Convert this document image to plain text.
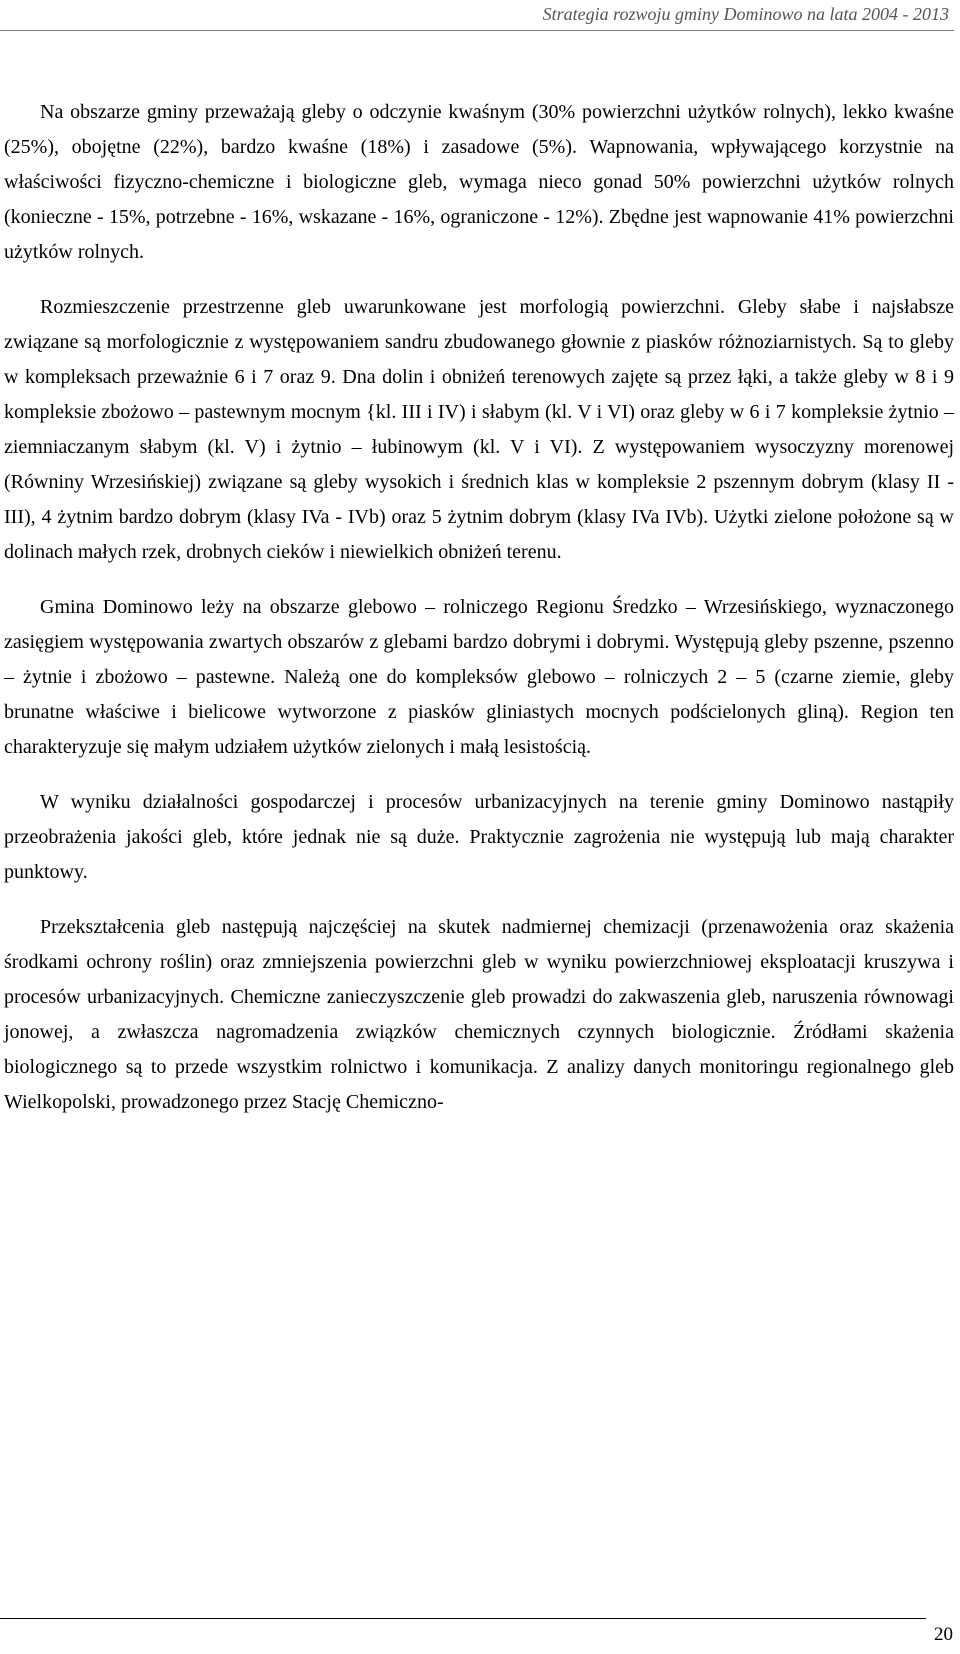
Strategia rozwoju gminy Dominowo na lata 2004 - 2013

Na obszarze gminy przeważają gleby o odczynie kwaśnym (30% powierzchni użytków rolnych), lekko kwaśne (25%), obojętne (22%), bardzo kwaśne (18%) i zasadowe (5%). Wapnowania, wpływającego korzystnie na właściwości fizyczno-chemiczne i biologiczne gleb, wymaga nieco gonad 50% powierzchni użytków rolnych (konieczne - 15%, potrzebne - 16%, wskazane - 16%, ograniczone - 12%). Zbędne jest wapnowanie 41% powierzchni użytków rolnych.

Rozmieszczenie przestrzenne gleb uwarunkowane jest morfologią powierzchni. Gleby słabe i najsłabsze związane są morfologicznie z występowaniem sandru zbudowanego głownie z piasków różnoziarnistych. Są to gleby w kompleksach przeważnie 6 i 7 oraz 9. Dna dolin i obniżeń terenowych zajęte są przez łąki, a także gleby w 8 i 9 kompleksie zbożowo – pastewnym mocnym {kl. III i IV) i słabym (kl. V i VI) oraz gleby w 6 i 7 kompleksie żytnio – ziemniaczanym słabym (kl. V) i żytnio – łubinowym (kl. V i VI). Z występowaniem wysoczyzny morenowej (Równiny Wrzesińskiej) związane są gleby wysokich i średnich klas w kompleksie 2 pszennym dobrym (klasy II - III), 4 żytnim bardzo dobrym (klasy IVa - IVb) oraz 5 żytnim dobrym (klasy IVa IVb). Użytki zielone położone są w dolinach małych rzek, drobnych cieków i niewielkich obniżeń terenu.

Gmina Dominowo leży na obszarze glebowo – rolniczego Regionu Średzko – Wrzesińskiego, wyznaczonego zasięgiem występowania zwartych obszarów z glebami bardzo dobrymi i dobrymi. Występują gleby pszenne, pszenno – żytnie i zbożowo – pastewne. Należą one do kompleksów glebowo – rolniczych 2 – 5 (czarne ziemie, gleby brunatne właściwe i bielicowe wytworzone z piasków gliniastych mocnych podścielonych gliną). Region ten charakteryzuje się małym udziałem użytków zielonych i małą lesistością.

W wyniku działalności gospodarczej i procesów urbanizacyjnych na terenie gminy Dominowo nastąpiły przeobrażenia jakości gleb, które jednak nie są duże. Praktycznie zagrożenia nie występują lub mają charakter punktowy.

Przekształcenia gleb następują najczęściej na skutek nadmiernej chemizacji (przenawożenia oraz skażenia środkami ochrony roślin) oraz zmniejszenia powierzchni gleb w wyniku powierzchniowej eksploatacji kruszywa i procesów urbanizacyjnych. Chemiczne zanieczyszczenie gleb prowadzi do zakwaszenia gleb, naruszenia równowagi jonowej, a zwłaszcza nagromadzenia związków chemicznych czynnych biologicznie. Źródłami skażenia biologicznego są to przede wszystkim rolnictwo i komunikacja. Z analizy danych monitoringu regionalnego gleb Wielkopolski, prowadzonego przez Stację Chemiczno-

20
